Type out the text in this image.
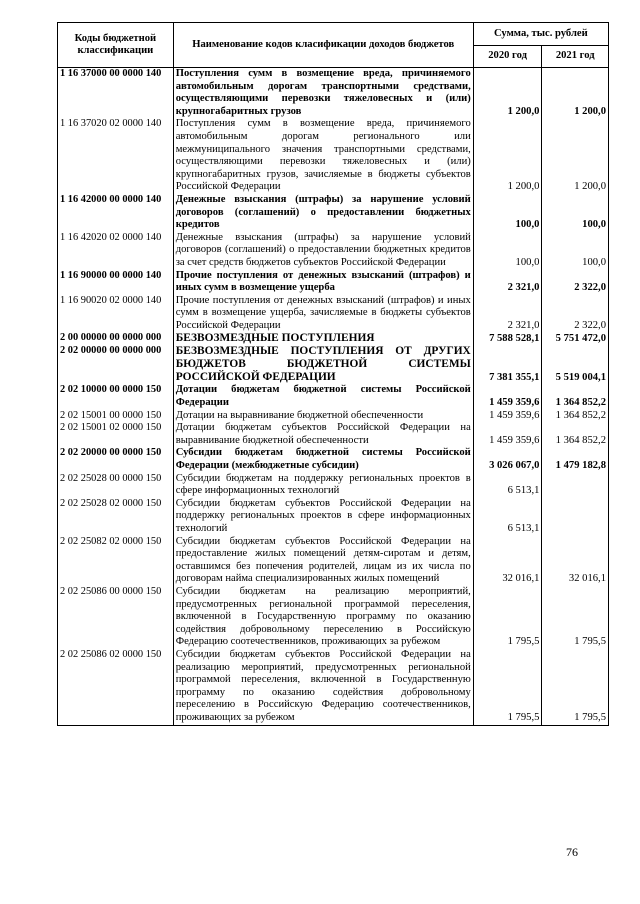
Коды бюджетной классификации	Наименование кодов класификации доходов бюджетов	Сумма, тыс. рублей	
		2020 год	2021 год
1 16 37000 00 0000 140	Поступления сумм в возмещение вреда, причиняемого автомобильным дорогам транспортными средствами, осуществляющими перевозки тяжеловесных и (или) крупногабаритных грузов	1 200,0	1 200,0
1 16 37020 02 0000 140	Поступления сумм в возмещение вреда, причиняемого автомобильным дорогам регионального или межмуниципального значения транспортными средствами, осуществляющими перевозки тяжеловесных и (или) крупногабаритных грузов, зачисляемые в бюджеты субъектов Российской Федерации	1 200,0	1 200,0
1 16 42000 00 0000 140	Денежные взыскания (штрафы) за нарушение условий договоров (соглашений) о предоставлении бюджетных кредитов	100,0	100,0
1 16 42020 02 0000 140	Денежные взыскания (штрафы) за нарушение условий договоров (соглашений) о предоставлении бюджетных кредитов за счет средств бюджетов субъектов Российской Федерации	100,0	100,0
1 16 90000 00 0000 140	Прочие поступления от денежных взысканий (штрафов) и иных сумм в возмещение ущерба	2 321,0	2 322,0
1 16 90020 02 0000 140	Прочие поступления от денежных взысканий (штрафов) и иных сумм в возмещение ущерба, зачисляемые в бюджеты субъектов Российской Федерации	2 321,0	2 322,0
2 00 00000 00 0000 000	БЕЗВОЗМЕЗДНЫЕ ПОСТУПЛЕНИЯ	7 588 528,1	5 751 472,0
2 02 00000 00 0000 000	БЕЗВОЗМЕЗДНЫЕ ПОСТУПЛЕНИЯ ОТ ДРУГИХ БЮДЖЕТОВ БЮДЖЕТНОЙ СИСТЕМЫ РОССИЙСКОЙ ФЕДЕРАЦИИ	7 381 355,1	5 519 004,1
2 02 10000 00 0000 150	Дотации бюджетам бюджетной системы Российской Федерации	1 459 359,6	1 364 852,2
2 02 15001 00 0000 150	Дотации на выравнивание бюджетной обеспеченности	1 459 359,6	1 364 852,2
2 02 15001 02 0000 150	Дотации бюджетам субъектов Российской Федерации на выравнивание бюджетной обеспеченности	1 459 359,6	1 364 852,2
2 02 20000 00 0000 150	Субсидии бюджетам бюджетной системы Российской Федерации (межбюджетные субсидии)	3 026 067,0	1 479 182,8
2 02 25028 00 0000 150	Субсидии бюджетам на поддержку региональных проектов в сфере информационных технологий	6 513,1	
2 02 25028 02 0000 150	Субсидии бюджетам субъектов Российской Федерации на поддержку региональных проектов в сфере информационных технологий	6 513,1	
2 02 25082 02 0000 150	Субсидии бюджетам субъектов Российской Федерации на предоставление жилых помещений детям-сиротам и детям, оставшимся без попечения родителей, лицам из их числа по договорам найма специализированных жилых помещений	32 016,1	32 016,1
2 02 25086 00 0000 150	Субсидии бюджетам на реализацию мероприятий, предусмотренных региональной программой переселения, включенной в Государственную программу по оказанию содействия добровольному переселению в Российскую Федерацию соотечественников, проживающих за рубежом	1 795,5	1 795,5
2 02 25086 02 0000 150	Субсидии бюджетам субъектов Российской Федерации на реализацию мероприятий, предусмотренных региональной программой переселения, включенной в Государственную программу по оказанию содействия добровольному переселению в Российскую Федерацию соотечественников, проживающих за рубежом	1 795,5	1 795,5
76
